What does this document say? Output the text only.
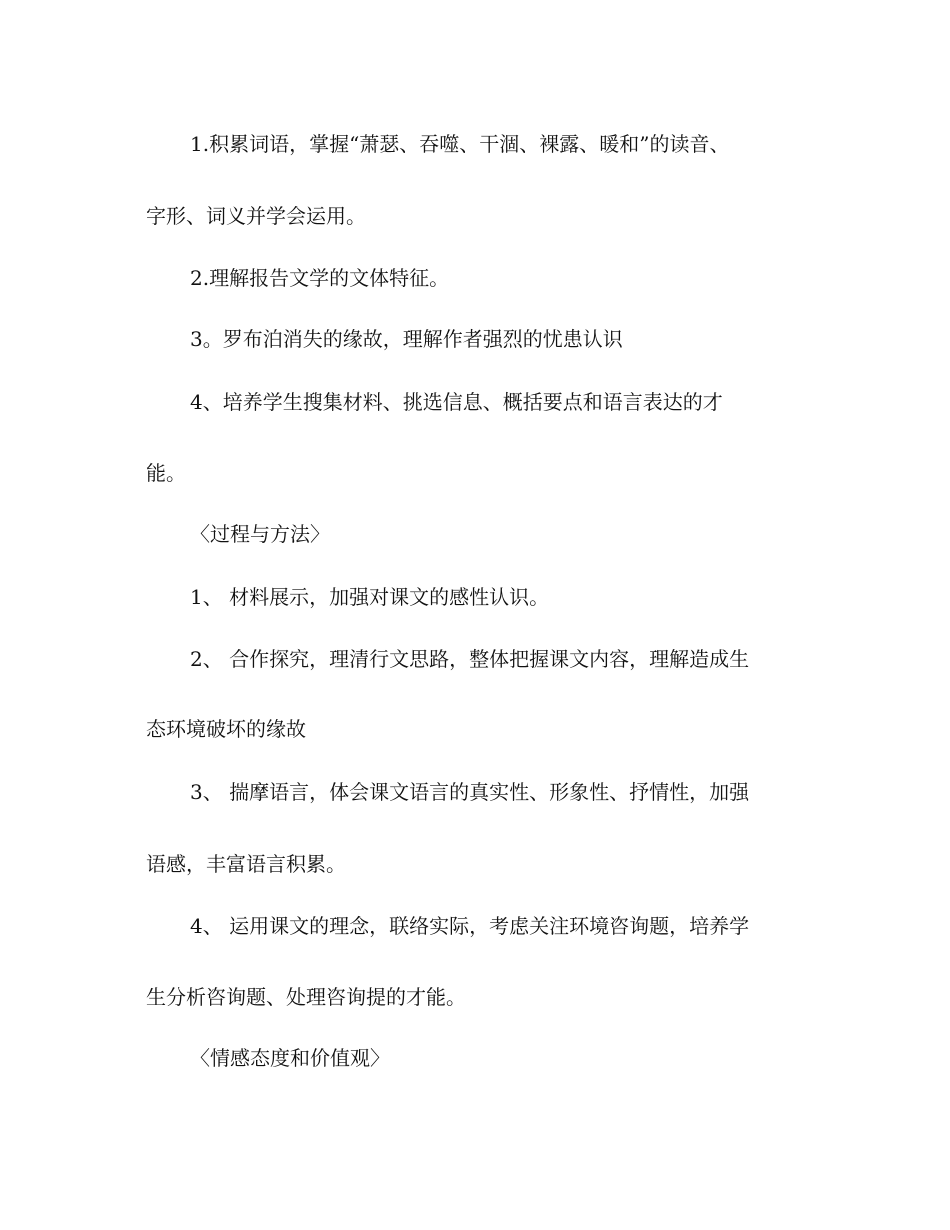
1.积累词语，掌握“萧瑟、吞噬、干涸、裸露、暖和”的读音、
字形、词义并学会运用。
2.理解报告文学的文体特征。
3。罗布泊消失的缘故，理解作者强烈的忧患认识
4、培养学生搜集材料、挑选信息、概括要点和语言表达的才
能。
〈过程与方法〉
1、 材料展示，加强对课文的感性认识。
2、 合作探究，理清行文思路，整体把握课文内容，理解造成生
态环境破坏的缘故
3、 揣摩语言，体会课文语言的真实性、形象性、抒情性，加强
语感，丰富语言积累。
4、 运用课文的理念，联络实际，考虑关注环境咨询题，培养学
生分析咨询题、处理咨询提的才能。
〈情感态度和价值观〉
